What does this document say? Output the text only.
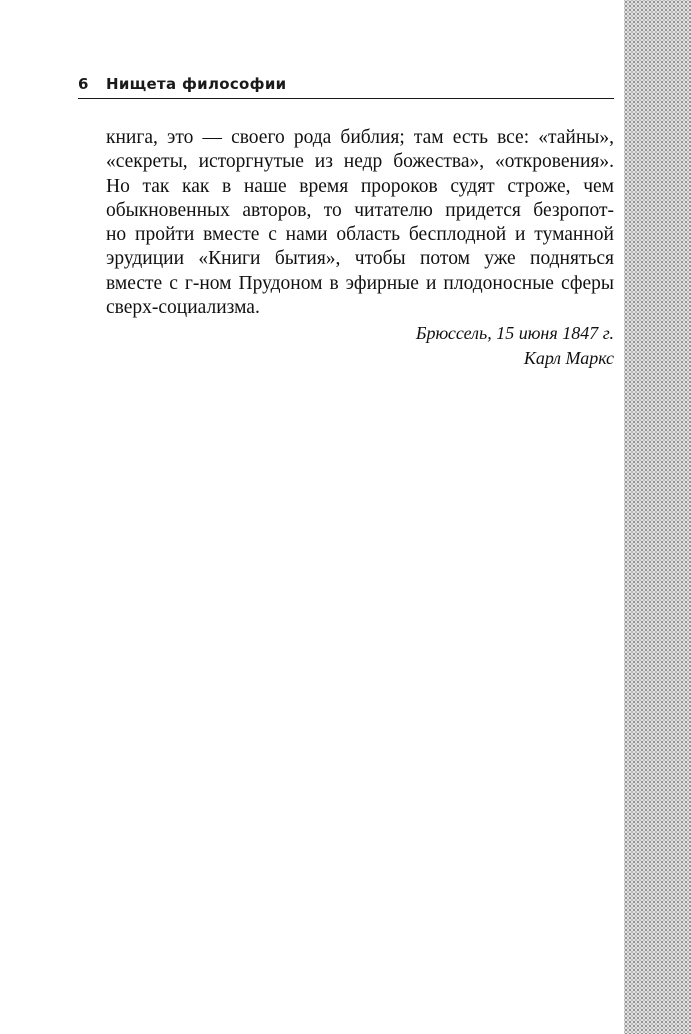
6 Нищета философии
книга, это — своего рода библия; там есть все: «тайны»,
«секреты, исторгнутые из недр божества», «откровения».
Но так как в наше время пророков судят строже, чем
обыкновенных авторов, то читателю придется безропот-
но пройти вместе с нами область бесплодной и туманной
эрудиции «Книги бытия», чтобы потом уже подняться
вместе с г-ном Прудоном в эфирные и плодоносные сферы
сверх-социализма.
Брюссель, 15 июня 1847 г.
Карл Маркс
